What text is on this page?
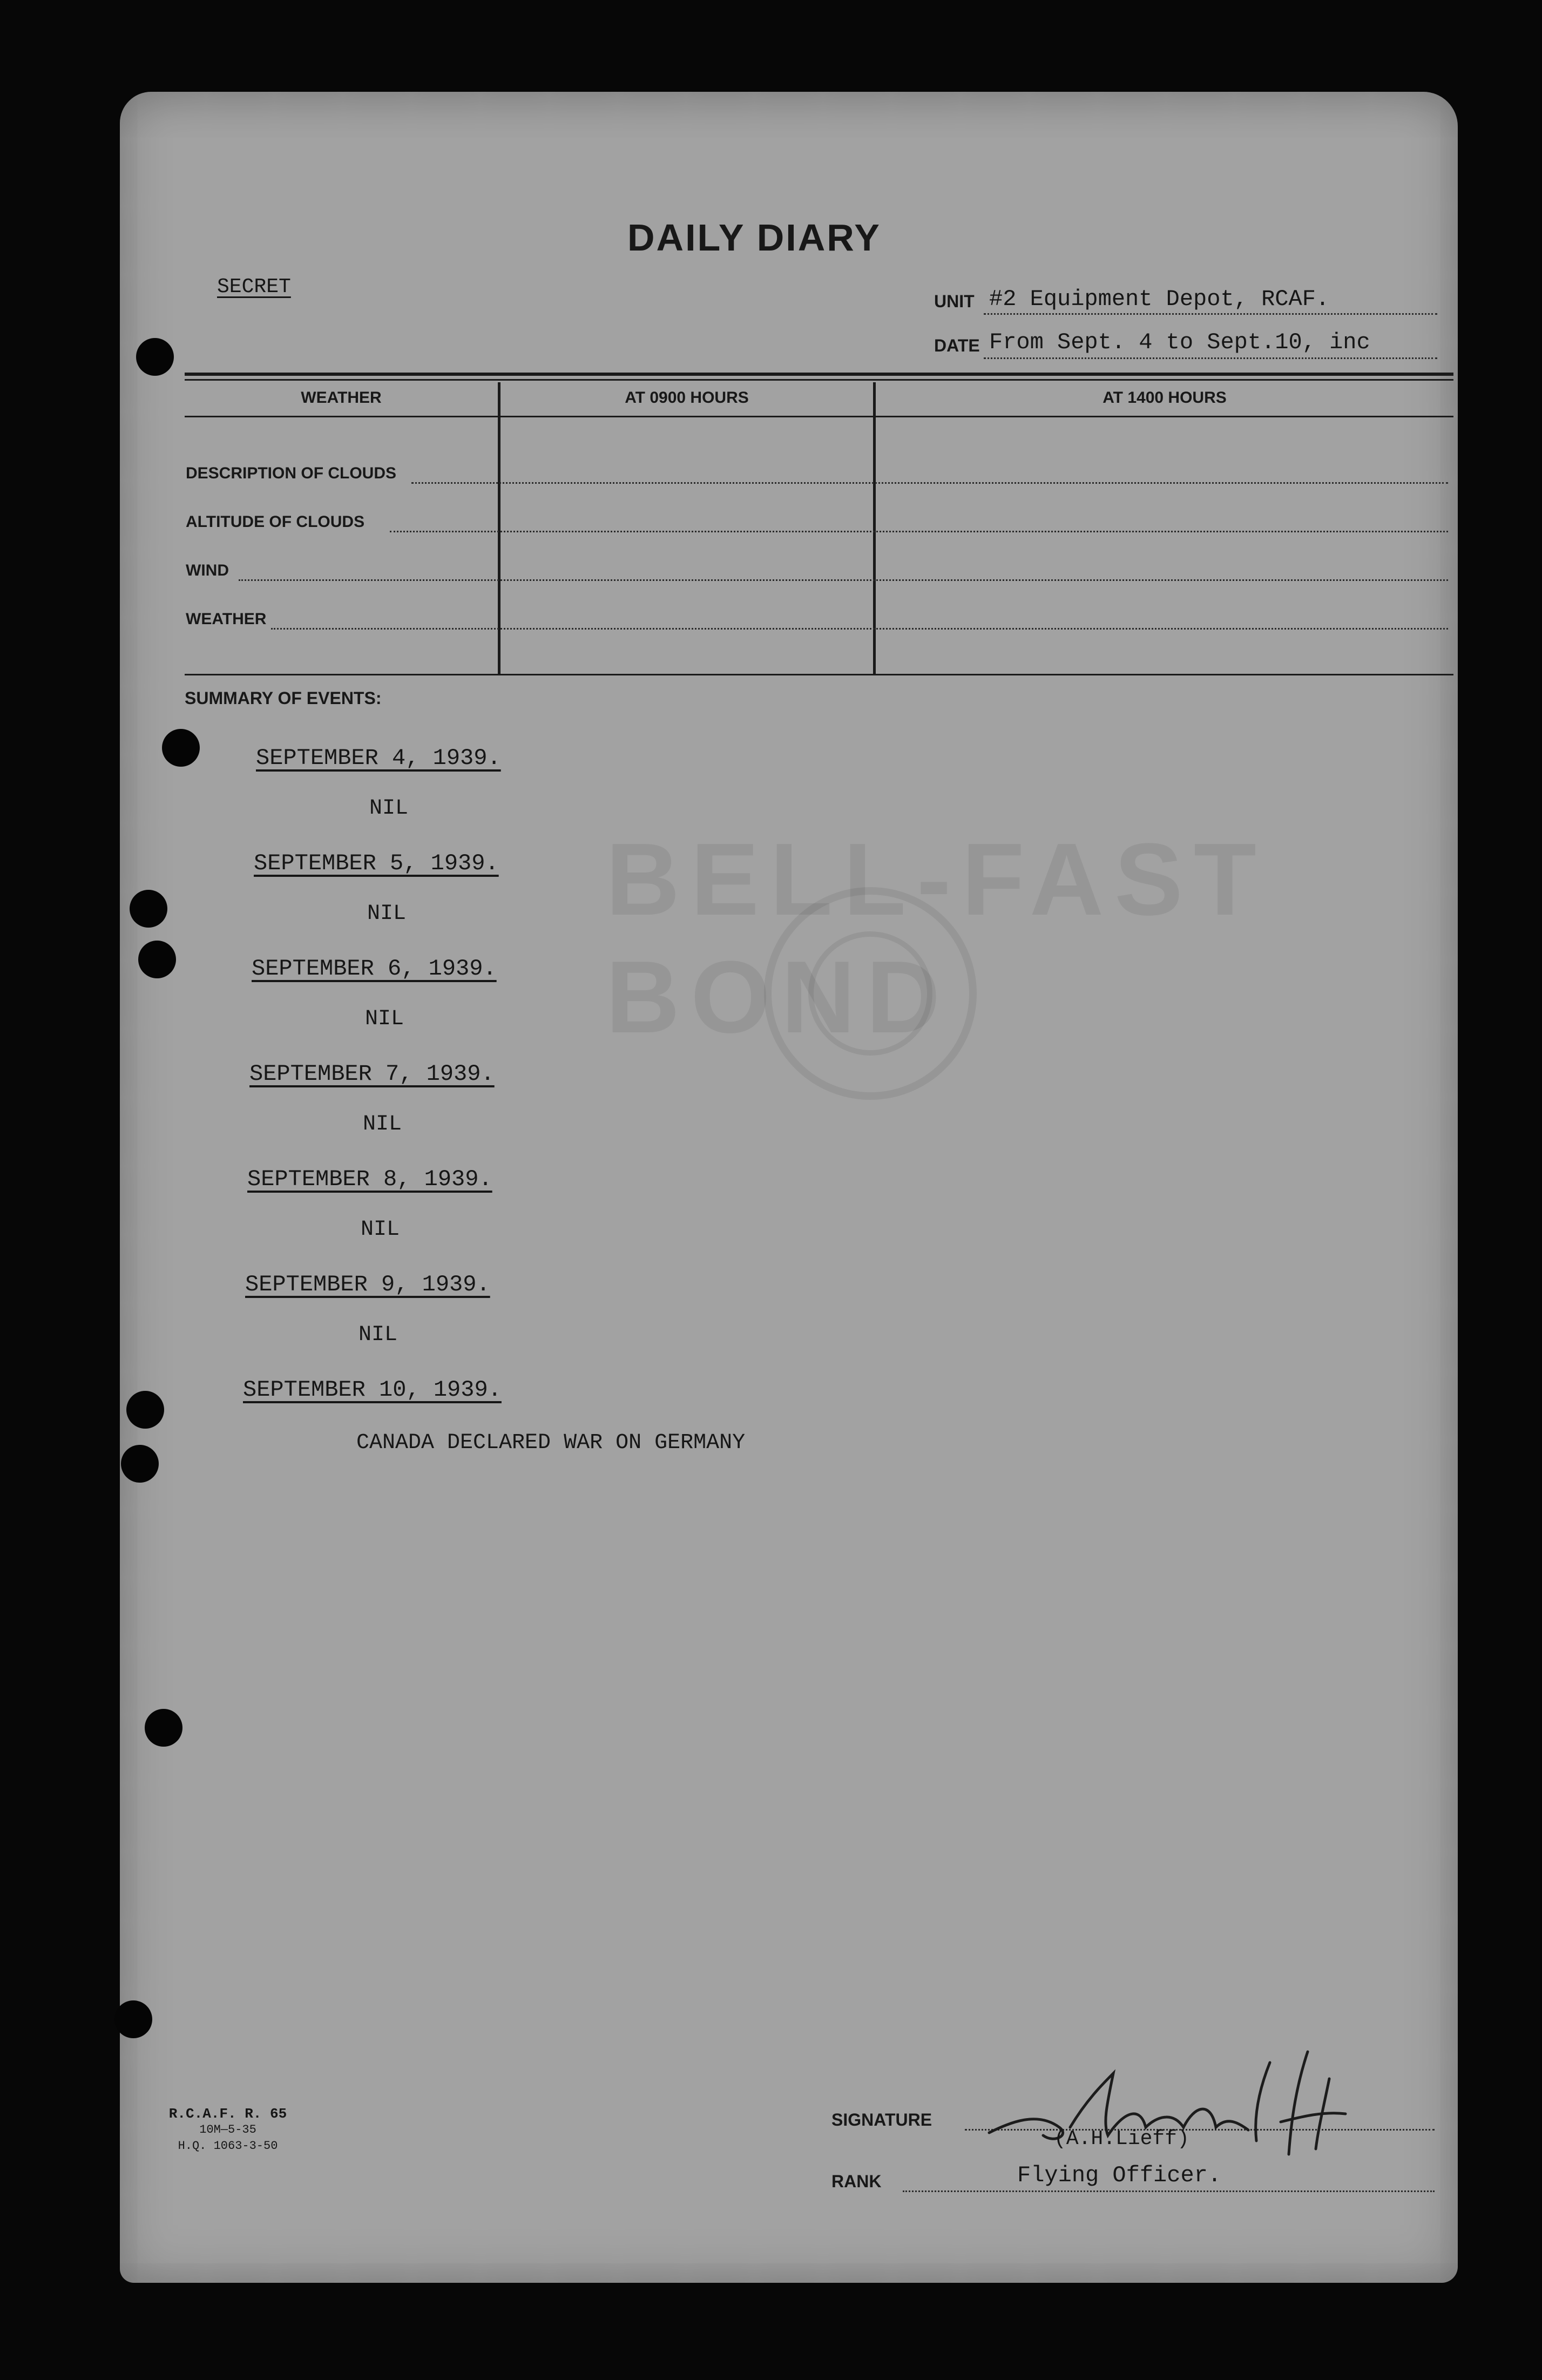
BELL-FAST BOND
DAILY DIARY
SECRET
UNIT #2 Equipment Depot, RCAF.
DATE From Sept. 4 to Sept.10, inc
WEATHER	AT 0900 HOURS	AT 1400 HOURS
DESCRIPTION OF CLOUDS
ALTITUDE OF CLOUDS
WIND
WEATHER
SUMMARY OF EVENTS:
SEPTEMBER 4, 1939.
NIL
SEPTEMBER 5, 1939.
NIL
SEPTEMBER 6, 1939.
NIL
SEPTEMBER 7, 1939.
NIL
SEPTEMBER 8, 1939.
NIL
SEPTEMBER 9, 1939.
NIL
SEPTEMBER 10, 1939.
CANADA DECLARED WAR ON GERMANY
R.C.A.F. R. 65
10M—5-35
H.Q. 1063-3-50
SIGNATURE
(A.H.Lieff)
RANK	Flying Officer.
